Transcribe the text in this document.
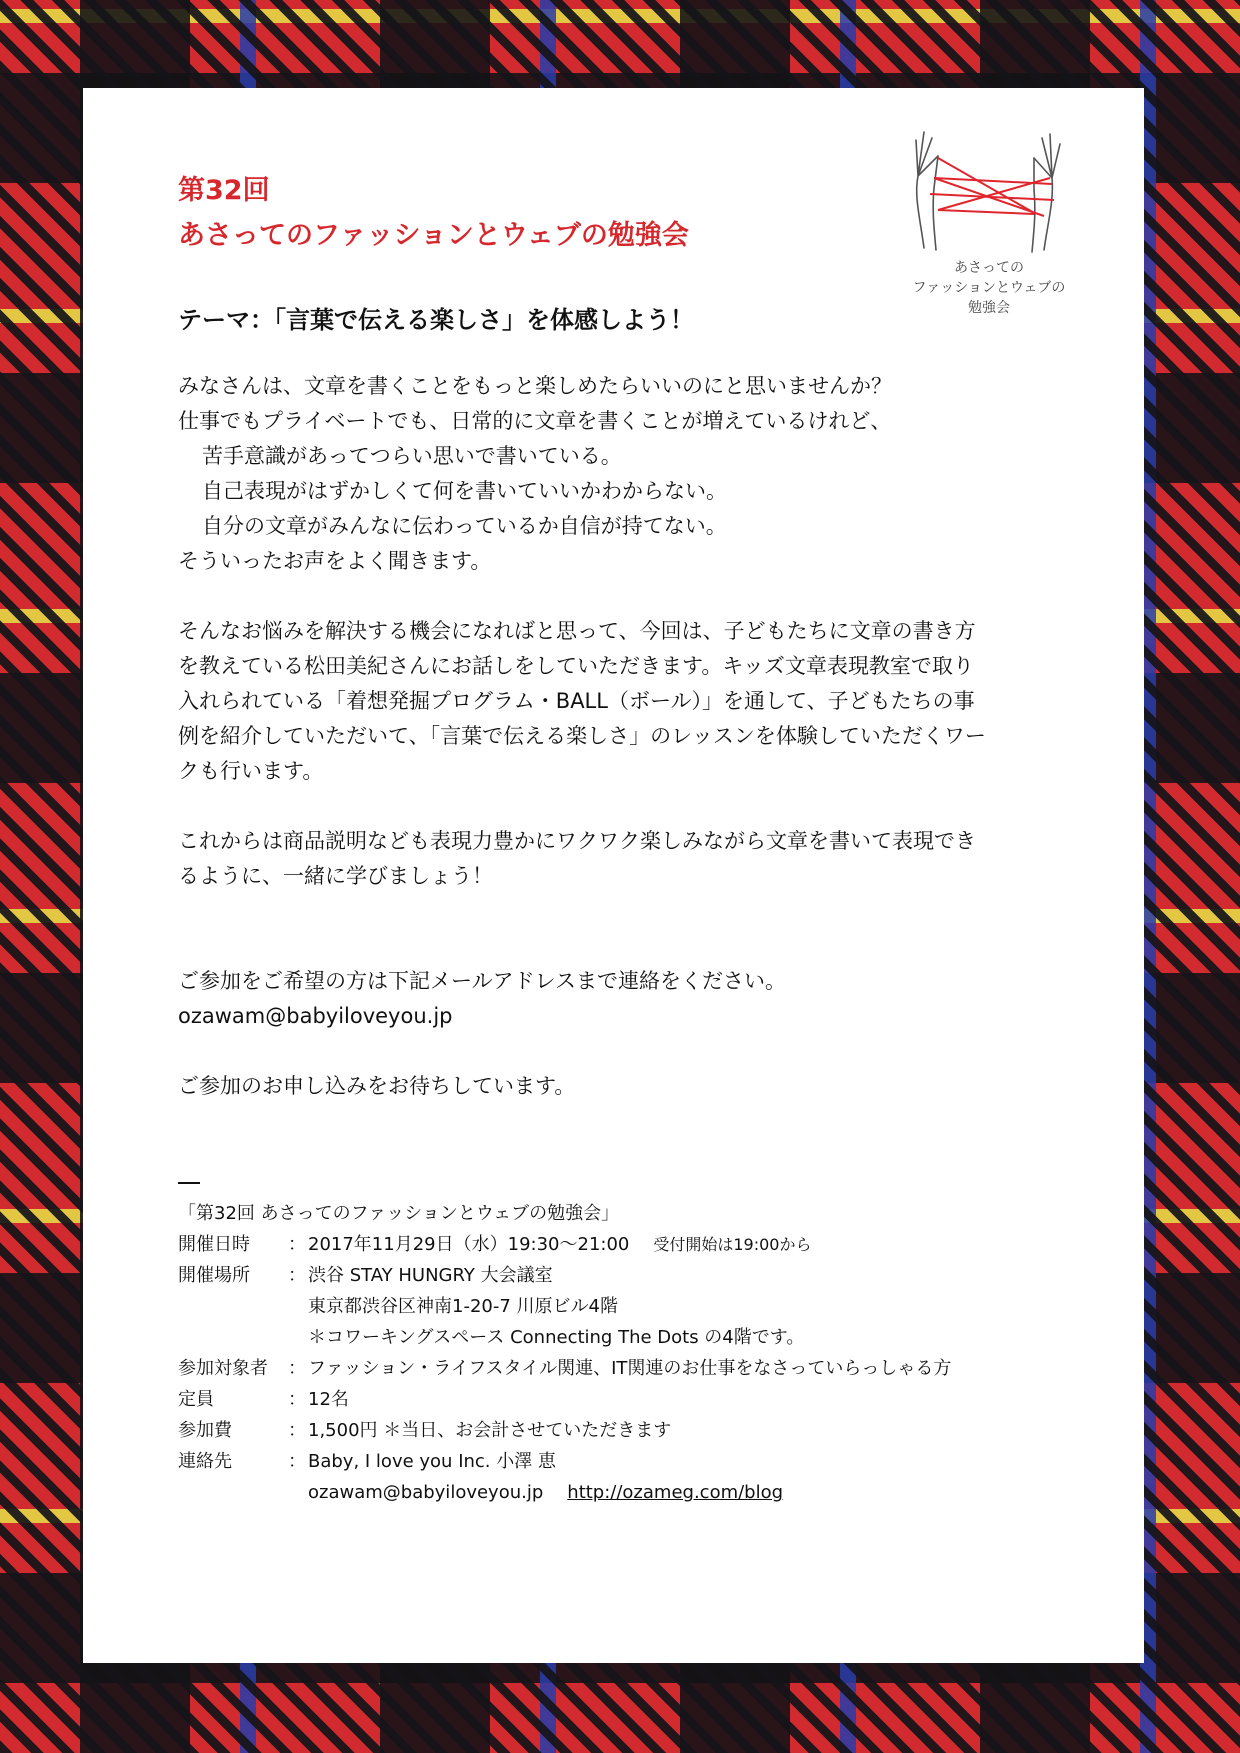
あさっての
ファッションとウェブの
勉強会
第32回
あさってのファッションとウェブの勉強会

テーマ：「言葉で伝える楽しさ」を体感しよう！

みなさんは、文章を書くことをもっと楽しめたらいいのにと思いませんか？

仕事でもプライベートでも、日常的に文章を書くことが増えているけれど、

苦手意識があってつらい思いで書いている。

自己表現がはずかしくて何を書いていいかわからない。

自分の文章がみんなに伝わっているか自信が持てない。

そういったお声をよく聞きます。

そんなお悩みを解決する機会になればと思って、今回は、子どもたちに文章の書き方

を教えている松田美紀さんにお話しをしていただきます。キッズ文章表現教室で取り

入れられている「着想発掘プログラム・BALL（ボール）」を通して、子どもたちの事

例を紹介していただいて、「言葉で伝える楽しさ」のレッスンを体験していただくワー

クも行います。

これからは商品説明なども表現力豊かにワクワク楽しみながら文章を書いて表現でき

るように、一緒に学びましょう！

ご参加をご希望の方は下記メールアドレスまで連絡をください。

ozawam@babyiloveyou.jp

ご参加のお申し込みをお待ちしています。

「第32回 あさってのファッションとウェブの勉強会」
開催日時	： 2017年11月29日（水）19:30〜21:00 受付開始は19:00から
開催場所	： 渋谷 STAY HUNGRY 大会議室
東京都渋谷区神南1-20-7 川原ビル4階
＊コワーキングスペース Connecting The Dots の4階です。
参加対象者	： ファッション・ライフスタイル関連、IT関連のお仕事をなさっていらっしゃる方
定員	： 12名
参加費	： 1,500円 ＊当日、お会計させていただきます
連絡先	： Baby, I love you Inc. 小澤 恵
ozawam@babyiloveyou.jp http://ozameg.com/blog
